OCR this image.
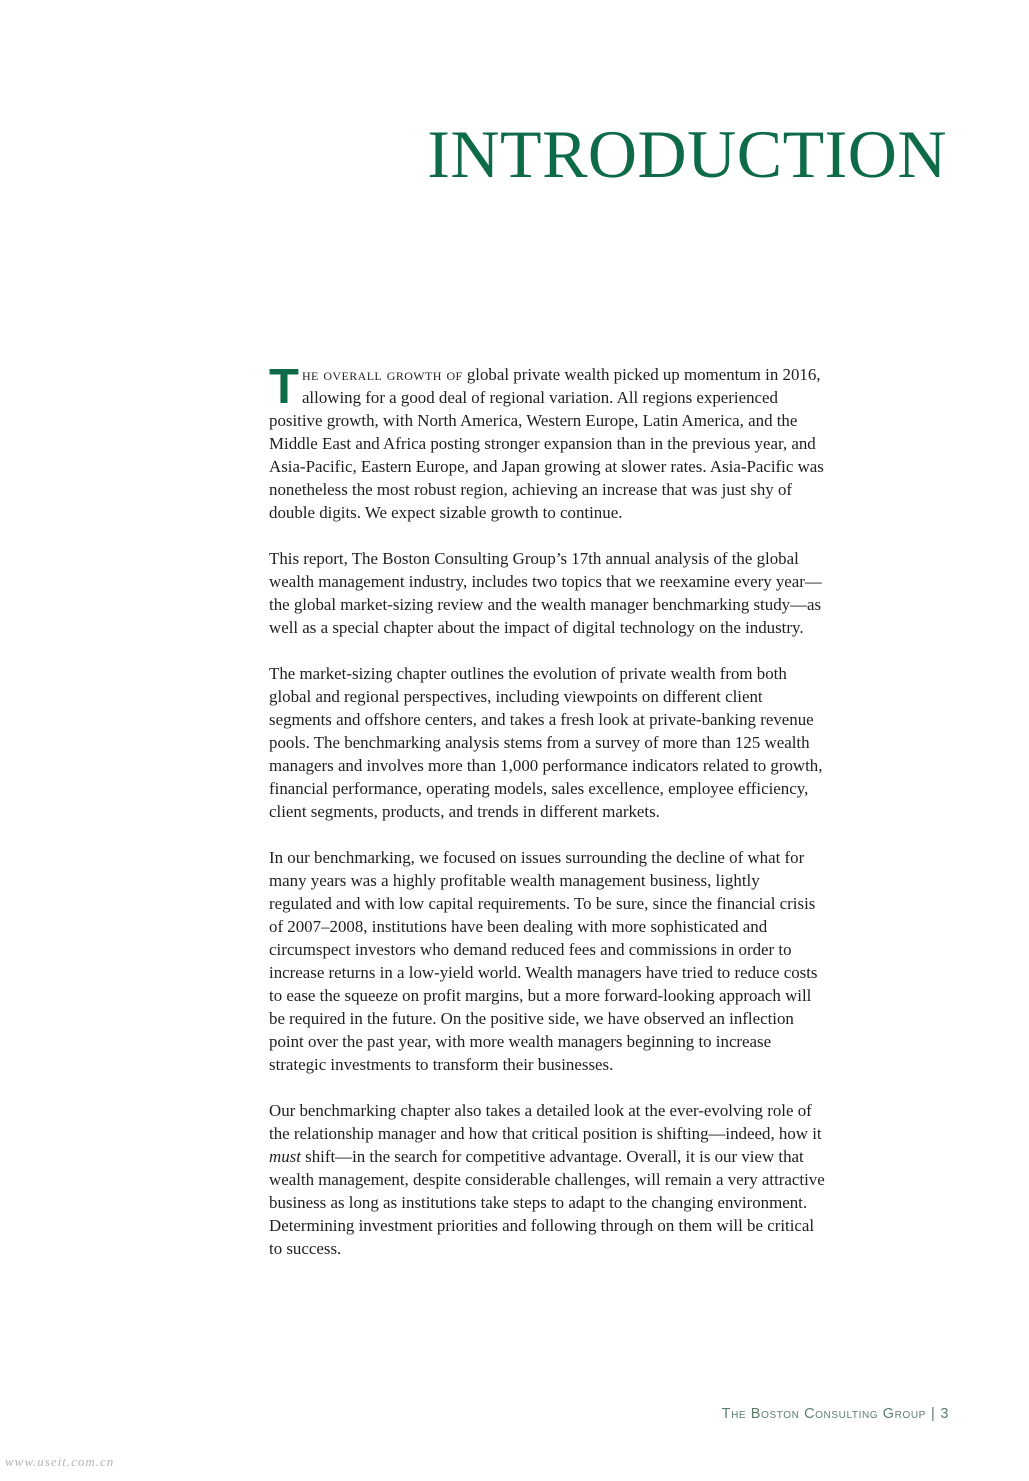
INTRODUCTION

The overall growth of global private wealth picked up momentum in 2016, allowing for a good deal of regional variation. All regions experienced positive growth, with North America, Western Europe, Latin America, and the Middle East and Africa posting stronger expansion than in the previous year, and Asia-Pacific, Eastern Europe, and Japan growing at slower rates. Asia-Pacific was nonetheless the most robust region, achieving an increase that was just shy of double digits. We expect sizable growth to continue.

This report, The Boston Consulting Group’s 17th annual analysis of the global wealth management industry, includes two topics that we reexamine every year—the global market-sizing review and the wealth manager benchmarking study—as well as a special chapter about the impact of digital technology on the industry.

The market-sizing chapter outlines the evolution of private wealth from both global and regional perspectives, including viewpoints on different client segments and offshore centers, and takes a fresh look at private-banking revenue pools. The benchmarking analysis stems from a survey of more than 125 wealth managers and involves more than 1,000 performance indicators related to growth, financial performance, operating models, sales excellence, employee efficiency, client segments, products, and trends in different markets.

In our benchmarking, we focused on issues surrounding the decline of what for many years was a highly profitable wealth management business, lightly regulated and with low capital requirements. To be sure, since the financial crisis of 2007–2008, institutions have been dealing with more sophisticated and circumspect investors who demand reduced fees and commissions in order to increase returns in a low-yield world. Wealth managers have tried to reduce costs to ease the squeeze on profit margins, but a more forward-looking approach will be required in the future. On the positive side, we have observed an inflection point over the past year, with more wealth managers beginning to increase strategic investments to transform their businesses.

Our benchmarking chapter also takes a detailed look at the ever-evolving role of the relationship manager and how that critical position is shifting—indeed, how it must shift—in the search for competitive advantage. Overall, it is our view that wealth management, despite considerable challenges, will remain a very attractive business as long as institutions take steps to adapt to the changing environment. Determining investment priorities and following through on them will be critical to success.

The Boston Consulting Group | 3
www.useit.com.cn
